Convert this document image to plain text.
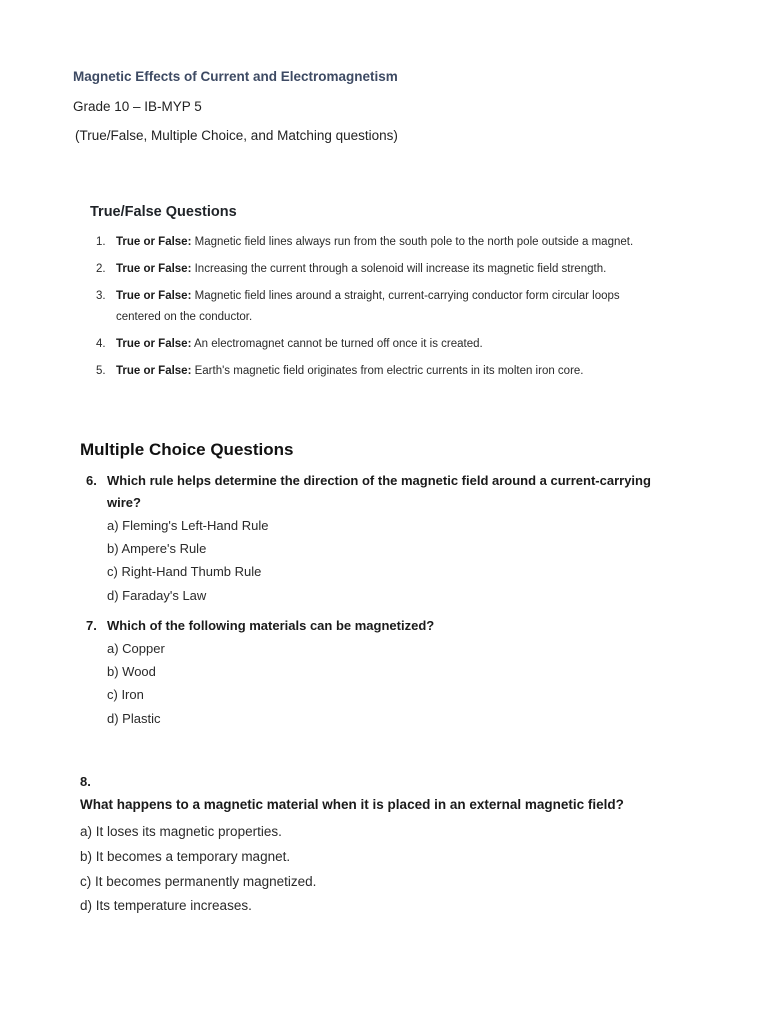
Magnetic Effects of Current and Electromagnetism
Grade 10 – IB-MYP 5
(True/False, Multiple Choice, and Matching questions)
True/False Questions
1. True or False: Magnetic field lines always run from the south pole to the north pole outside a magnet.
2. True or False: Increasing the current through a solenoid will increase its magnetic field strength.
3. True or False: Magnetic field lines around a straight, current-carrying conductor form circular loops centered on the conductor.
4. True or False: An electromagnet cannot be turned off once it is created.
5. True or False: Earth's magnetic field originates from electric currents in its molten iron core.
Multiple Choice Questions
6. Which rule helps determine the direction of the magnetic field around a current-carrying wire?
a) Fleming's Left-Hand Rule
b) Ampere's Rule
c) Right-Hand Thumb Rule
d) Faraday's Law
7. Which of the following materials can be magnetized?
a) Copper
b) Wood
c) Iron
d) Plastic
8.
What happens to a magnetic material when it is placed in an external magnetic field?
a) It loses its magnetic properties.
b) It becomes a temporary magnet.
c) It becomes permanently magnetized.
d) Its temperature increases.
